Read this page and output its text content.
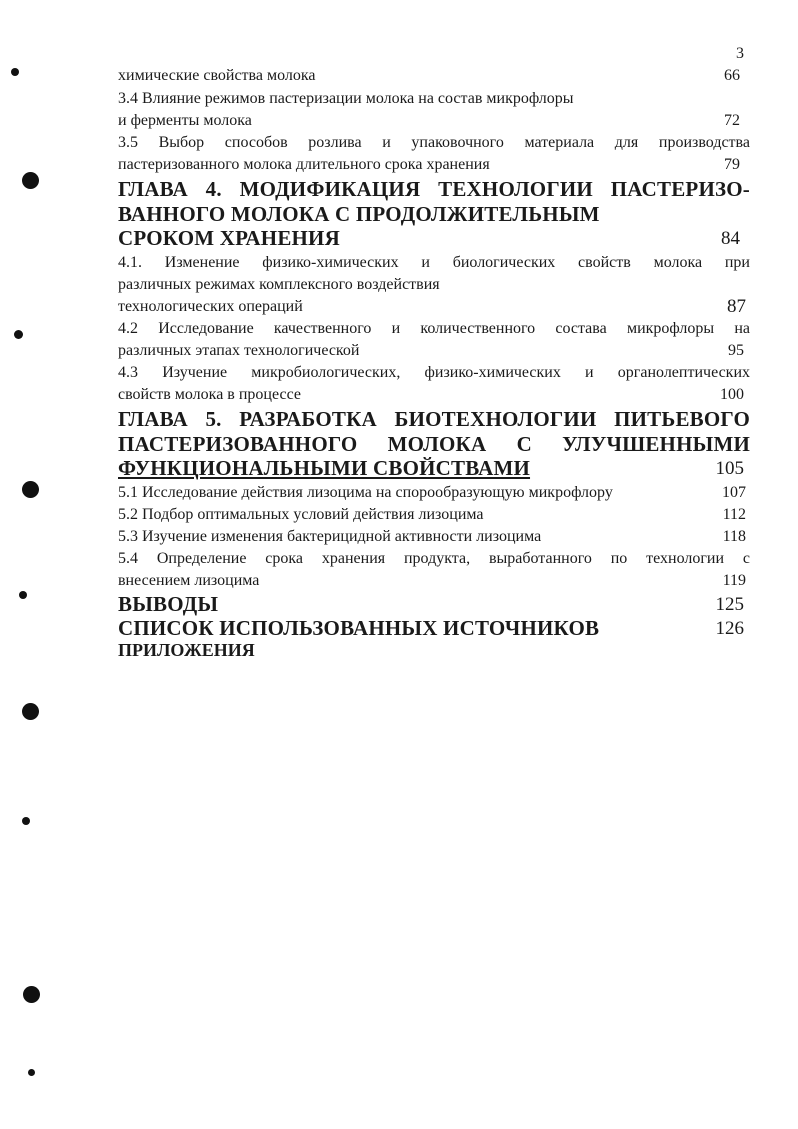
3
химические свойства молока	66
3.4 Влияние режимов пастеризации молока на состав микрофлоры
и ферменты молока	72
3.5 Выбор способов розлива и упаковочного материала для производства
пастеризованного молока длительного срока хранения	79
ГЛАВА 4. МОДИФИКАЦИЯ ТЕХНОЛОГИИ ПАСТЕРИЗО-
ВАННОГО МОЛОКА С ПРОДОЛЖИТЕЛЬНЫМ
СРОКОМ ХРАНЕНИЯ	84
4.1. Изменение физико-химических и биологических свойств молока при
различных режимах комплексного воздействия
технологических операций	87
4.2 Исследование качественного и количественного состава микрофлоры на
различных этапах технологической	95
4.3 Изучение микробиологических, физико-химических и органолептических
свойств молока в процессе	100
ГЛАВА 5. РАЗРАБОТКА БИОТЕХНОЛОГИИ ПИТЬЕВОГО
ПАСТЕРИЗОВАННОГО МОЛОКА С УЛУЧШЕННЫМИ
ФУНКЦИОНАЛЬНЫМИ СВОЙСТВАМИ	105
5.1 Исследование действия лизоцима на спорообразующую микрофлору	107
5.2 Подбор оптимальных условий действия лизоцима	112
5.3 Изучение изменения бактерицидной активности лизоцима	118
5.4 Определение срока хранения продукта, выработанного по технологии с
внесением лизоцима	119
ВЫВОДЫ	125
СПИСОК ИСПОЛЬЗОВАННЫХ ИСТОЧНИКОВ	126
ПРИЛОЖЕНИЯ
